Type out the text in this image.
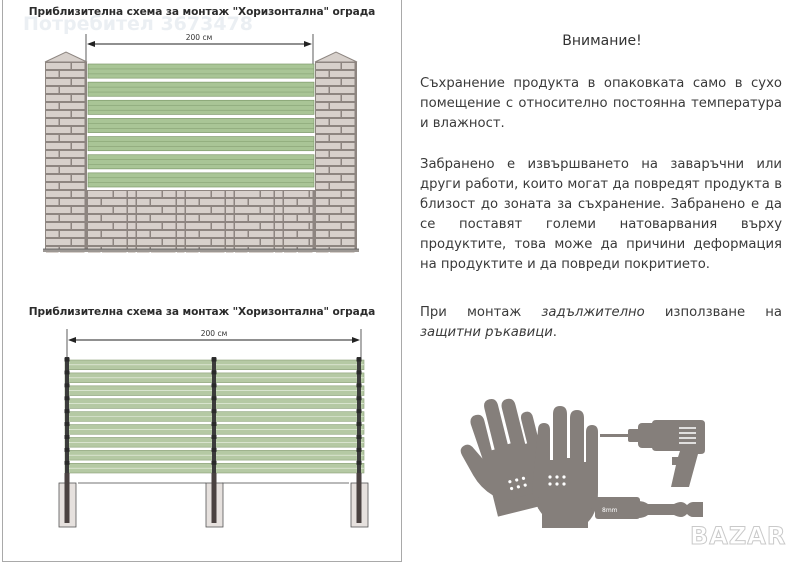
Потребител 3673478
Приблизителна схема за монтаж "Хоризонтална" ограда
200 см
Приблизителна схема за монтаж "Хоризонтална" ограда
200 см
Внимание!
Съхранение продукта в опаковката само в сухо помещение с относително постоянна температура и влажност.
Забранено е извършването на заваръчни или други работи, които могат да повредят продукта в близост до зоната за съхранение. Забранено е да се поставят големи натоварвания върху продуктите, това може да причини деформация на продуктите и да повреди покритието.
При монтаж задължително използване на защитни ръкавици.
8mm
BAZAR
